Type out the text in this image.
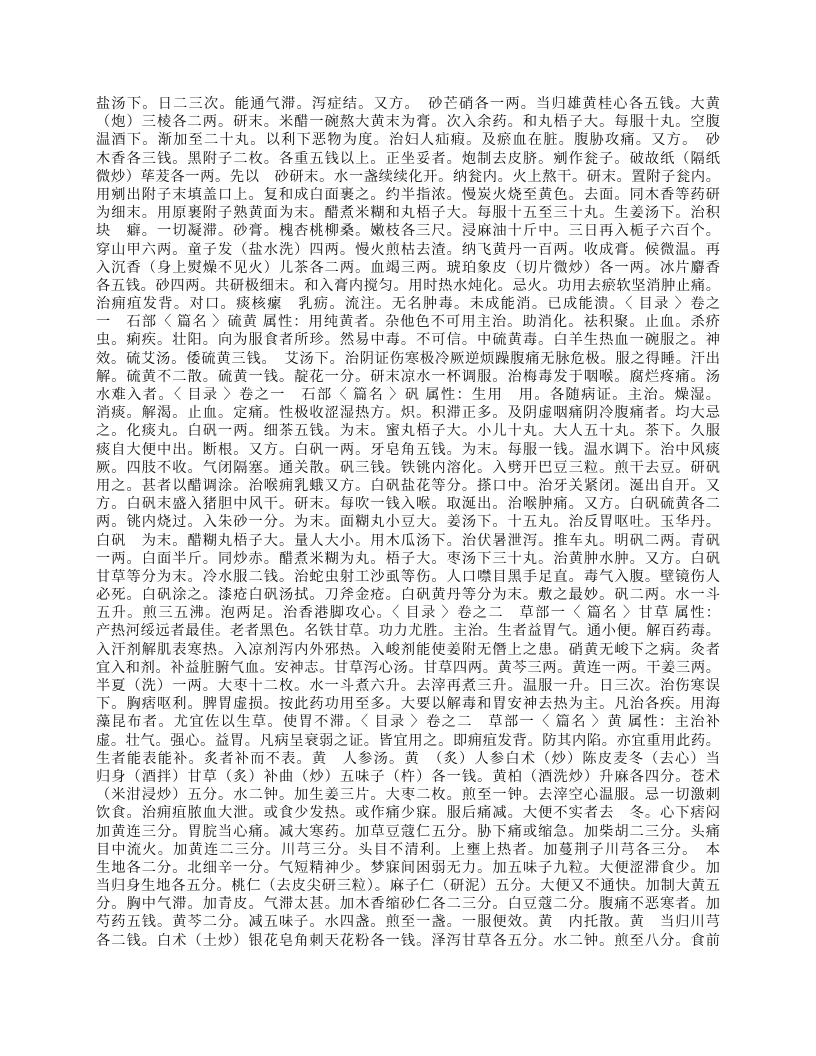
盐汤下。日二三次。能通气滞。泻症结。又方。　砂芒硝各一两。当归雄黄桂心各五钱。大黄
（炮）三棱各二两。研末。米醋一碗熬大黄末为膏。次入余药。和丸梧子大。每服十丸。空腹
温酒下。渐加至二十丸。以利下恶物为度。治妇人疝瘕。及瘀血在脏。腹胁攻痛。又方。　砂
木香各三钱。黑附子二枚。各重五钱以上。正坐妥者。炮制去皮脐。剜作瓮子。破故纸（隔纸
微炒）荜茇各一两。先以　砂研末。水一盏续续化开。纳瓮内。火上熬干。研末。置附子瓮内。
用剜出附子末填盖口上。复和成白面裹之。约半指浓。慢炭火烧至黄色。去面。同木香等药研
为细末。用原裹附子熟黄面为末。醋煮米糊和丸梧子大。每服十五至三十丸。生姜汤下。治积
块　癖。一切凝滞。砂膏。槐杏桃柳桑。嫩枝各三尺。浸麻油十斤中。三日再入栀子六百个。
穿山甲六两。童子发（盐水洗）四两。慢火煎枯去渣。纳飞黄丹一百两。收成膏。候微温。再
入沉香（身上熨燥不见火）儿茶各二两。血竭三两。琥珀象皮（切片微炒）各一两。冰片麝香
各五钱。砂四两。共研极细末。和入膏内搅匀。用时热水炖化。忌火。功用去瘀软坚消肿止痛。
治痈疽发背。对口。痰核瘰　乳疬。流注。无名肿毒。未成能消。已成能溃。〈 目录 〉卷之
一　石部〈 篇名 〉硫黄 属性：用纯黄者。杂他色不可用主治。助消化。祛积聚。止血。杀疥
虫。痢疾。壮阳。向为服食者所珍。然易中毒。不可信。中硫黄毒。白羊生热血一碗服之。神
效。硫艾汤。倭硫黄三钱。　艾汤下。治阴证伤寒极冷厥逆烦躁腹痛无脉危极。服之得睡。汗出
解。硫黄不二散。硫黄一钱。靛花一分。研末凉水一杯调服。治梅毒发于咽喉。腐烂疼痛。汤
水难入者。〈 目录 〉卷之一　石部〈 篇名 〉矾 属性：生用　用。各随病证。主治。燥湿。
消痰。解渴。止血。定痛。性极收涩湿热方。炽。积滞正多。及阴虚咽痛阴冷腹痛者。均大忌
之。化痰丸。白矾一两。细茶五钱。为末。蜜丸梧子大。小儿十丸。大人五十丸。茶下。久服
痰自大便中出。断根。又方。白矾一两。牙皂角五钱。为末。每服一钱。温水调下。治中风痰
厥。四肢不收。气闭隔塞。通关散。矾三钱。铁铫内溶化。入劈开巴豆三粒。煎干去豆。研矾
用之。甚者以醋调涂。治喉痈乳蛾又方。白矾盐花等分。搽口中。治牙关紧闭。涎出自开。又
方。白矾末盛入猪胆中风干。研末。每吹一钱入喉。取涎出。治喉肿痛。又方。白矾硫黄各二
两。铫内烧过。入朱砂一分。为末。面糊丸小豆大。姜汤下。十五丸。治反胃呕吐。玉华丹。
白矾　为末。醋糊丸梧子大。量人大小。用木瓜汤下。治伏暑泄泻。推车丸。明矾二两。青矾
一两。白面半斤。同炒赤。醋煮米糊为丸。梧子大。枣汤下三十丸。治黄肿水肿。又方。白矾
甘草等分为末。冷水服二钱。治蛇虫射工沙虱等伤。人口噤目黑手足直。毒气入腹。壁镜伤人
必死。白矾涂之。漆疮白矾汤拭。刀斧金疮。白矾黄丹等分为末。敷之最妙。矾二两。水一斗
五升。煎三五沸。泡两足。治香港脚攻心。〈 目录 〉卷之二　草部一〈 篇名 〉甘草 属性：
产热河绥远者最佳。老者黑色。名铁甘草。功力尤胜。主治。生者益胃气。通小便。解百药毒。
入汗剂解肌表寒热。入凉剂泻内外邪热。入峻剂能使姜附无僭上之患。硝黄无峻下之病。灸者
宜入和剂。补益脏腑气血。安神志。甘草泻心汤。甘草四两。黄芩三两。黄连一两。干姜三两。
半夏（洗）一两。大枣十二枚。水一斗煮六升。去滓再煮三升。温服一升。日三次。治伤寒误
下。胸痞呕利。脾胃虚损。按此药功用至多。大要以解毒和胃安神去热为主。凡治各疾。用海
藻昆布者。尤宜佐以生草。使胃不滞。〈 目录 〉卷之二　草部一〈 篇名 〉黄 属性：主治补
虚。壮气。强心。益胃。凡病呈衰弱之证。皆宜用之。即痈疽发背。防其内陷。亦宜重用此药。
生者能表能补。炙者补而不表。黄　人参汤。黄　（炙）人参白术（炒）陈皮麦冬（去心）当
归身（酒拌）甘草（炙）补曲（炒）五味子（杵）各一钱。黄柏（酒洗炒）升麻各四分。苍术
（米泔浸炒）五分。水二钟。加生姜三片。大枣二枚。煎至一钟。去滓空心温服。忌一切激刺
饮食。治痈疽脓血大泄。或食少发热。或作痛少寐。服后痛减。大便不实者去　冬。心下痞闷
加黄连三分。胃脘当心痛。减大寒药。加草豆蔻仁五分。胁下痛或缩急。加柴胡二三分。头痛
目中流火。加黄连二三分。川芎三分。头目不清利。上壅上热者。加蔓荆子川芎各三分。　本
生地各二分。北细辛一分。气短精神少。梦寐间困弱无力。加五味子九粒。大便涩滞食少。加
当归身生地各五分。桃仁（去皮尖研三粒）。麻子仁（研泥）五分。大便又不通快。加制大黄五
分。胸中气滞。加青皮。气滞太甚。加木香缩砂仁各二三分。白豆蔻二分。腹痛不恶寒者。加
芍药五钱。黄芩二分。减五味子。水四盏。煎至一盏。一服便效。黄　内托散。黄　当归川芎
各二钱。白术（土炒）银花皂角刺天花粉各一钱。泽泻甘草各五分。水二钟。煎至八分。食前
